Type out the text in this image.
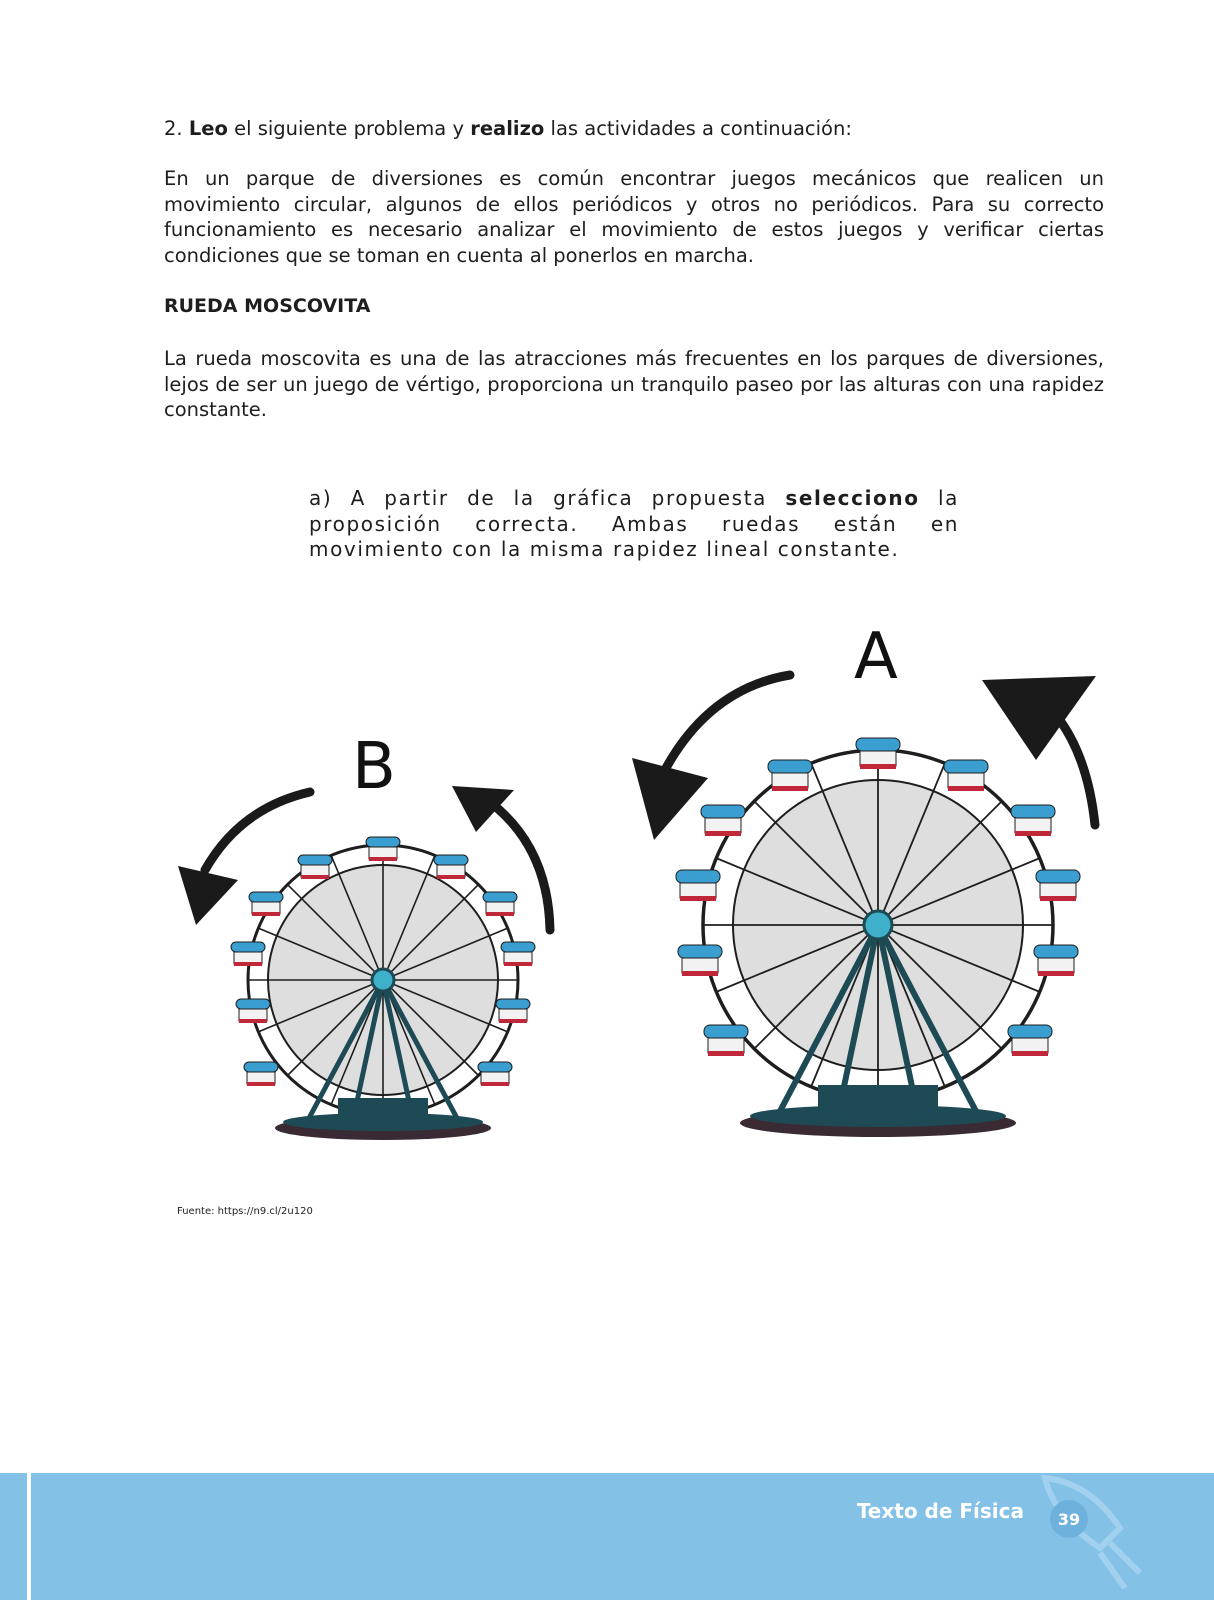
2. Leo el siguiente problema y realizo las actividades a continuación:

En un parque de diversiones es común encontrar juegos mecánicos que realicen un movimiento circular, algunos de ellos periódicos y otros no periódicos. Para su correcto funcionamiento es necesario analizar el movimiento de estos juegos y verificar ciertas condiciones que se toman en cuenta al ponerlos en marcha.

RUEDA MOSCOVITA

La rueda moscovita es una de las atracciones más frecuentes en los parques de diversiones, lejos de ser un juego de vértigo, proporciona un tranquilo paseo por las alturas con una rapidez constante.

a) A partir de la gráfica propuesta selecciono la proposición correcta. Ambas ruedas están en movimiento con la misma rapidez lineal constante.

B
A
Fuente: https://n9.cl/2u120
Texto de Física	39
